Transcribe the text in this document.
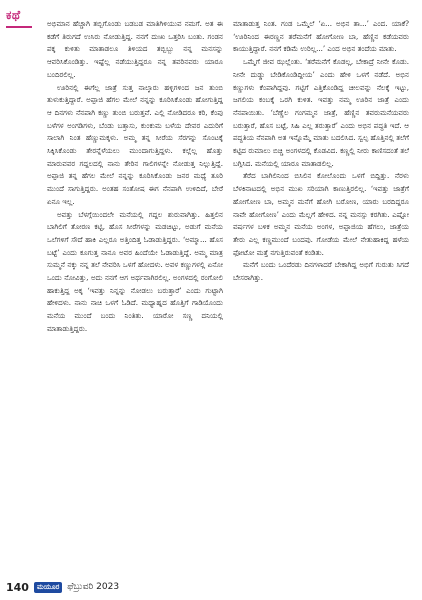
ಕಥೆ

ಅಭಿಮಾನ ಹೆಚ್ಚಾಗಿ ತಬ್ಬಿಗೊಂಡು ಬಡಬಡ ಮಾತಿಗಿಳಿಯುವ ನಮಗೆ. ಅತ ಈ ಕಡೆಗೆ ತಿರುಗದೆ ಉಸಿರು ನೋಡುತ್ತಿದ್ದ. ನನಗೆ ದುಃಖ ಒತ್ತರಿಸಿ ಬಂತು. ಗಂಡನ ಪಕ್ಕ ಕುಳಿತು ಮಾತಾಡಲೂ ತಿಳಿಯದ ತಬ್ಬಿಬ್ಬು ನನ್ನ ಮನಸನ್ನು ಆವರಿಸಿಕೊಂಡಿತ್ತು. ಇಷ್ಟೆಲ್ಲ ನಡೆಯುತ್ತಿದ್ದರೂ ನನ್ನ ತವರಿನವರು ಯಾರೂ ಬಂದಿರಲಿಲ್ಲ.

ಊರಿನಲ್ಲಿ ಈಗೆಲ್ಲ ಜಾತ್ರೆ ಸುತ್ತ ನಾಲ್ಕಾರು ಹಳ್ಳಿಗಳಿಂದ ಜನ ತುಂಬಿ ತುಳುಕುತ್ತಿದ್ದಾರೆ. ಅಪ್ಪಾಜಿ ಹೆಗಲ ಮೇಲೆ ನನ್ನನ್ನು ಕೂರಿಸಿಕೊಂಡು ಹೋಗುತ್ತಿದ್ದ ಆ ದಿನಗಳು ನೆನಪಾಗಿ ಕಣ್ಣು ತುಂಬಿ ಬರುತ್ತವೆ. ಎಲ್ಲಿ ನೋಡಿದರೂ ಕರಿ, ಕೆಂಪು ಬಳೆಗಳ ಅಂಗಡಿಗಳು, ಬೆಂಡು ಬತ್ತಾಸು, ಕುಂಕುಮ ಬಳೆಯ ದೇವರ ಎದುರಿಗೆ ಸಾಲಾಗಿ ನಿಂತ ಹೆಣ್ಣುಮಕ್ಕಳು. ಅಮ್ಮ ತನ್ನ ಸೀರೆಯ ಸೆರಗನ್ನು ಸೊಂಟಕ್ಕೆ ಸಿಕ್ಕಿಸಿಕೊಂಡು ತೇರನ್ನೆಳೆಯಲು ಮುಂದಾಗುತ್ತಿದ್ದಳು. ಕಲ್ಲೆಲ್ಲ ಹೊತ್ತು ಮಾರುವವರ ಗದ್ದಲದಲ್ಲಿ ನಾನು ತೇರಿನ ಗಾಲಿಗಳನ್ನೇ ನೋಡುತ್ತ ನಿಲ್ಲುತ್ತಿದ್ದೆ. ಅಪ್ಪಾಜಿ ತನ್ನ ಹೆಗಲ ಮೇಲೆ ನನ್ನನ್ನು ಕೂರಿಸಿಕೊಂಡು ಜನರ ಮಧ್ಯೆ ತೂರಿ ಮುಂದೆ ಸಾಗುತ್ತಿದ್ದರು. ಅಂತಹ ಸಂತೋಷ ಈಗ ನೆನಪಾಗಿ ಉಳಿದಿದೆ, ಬೇರೆ ಏನೂ ಇಲ್ಲ.

ಅವತ್ತು ಬೆಳಗ್ಗೆಯಿಂದಲೇ ಮನೆಯಲ್ಲಿ ಗದ್ದಲ ಶುರುವಾಗಿತ್ತು. ಹಿತ್ತಲಿನ ಬಾಗಿಲಿಗೆ ತೋರಣ ಕಟ್ಟಿ, ಹೊಸ ಸೀರೆಗಳನ್ನು ಮಡಚಿಟ್ಟು, ಅಡುಗೆ ಮನೆಯ ಒಲೆಗಳಿಗೆ ಸೌದೆ ಹಾಕಿ ಎಲ್ಲರೂ ಅತ್ತಿಂದಿತ್ತ ಓಡಾಡುತ್ತಿದ್ದರು. ‘ಅಮ್ಮಾ... ಹೊಸ ಬಟ್ಟೆ’ ಎಂದು ಕೂಗುತ್ತ ನಾನೂ ಅವರ ಹಿಂದೆಯೇ ಓಡಾಡುತ್ತಿದ್ದೆ. ಅಮ್ಮ ಮಾತ್ರ ಸುಮ್ಮನೆ ನಕ್ಕು ನನ್ನ ತಲೆ ನೇವರಿಸಿ ಒಳಗೆ ಹೋದಳು. ಅವಳ ಕಣ್ಣುಗಳಲ್ಲಿ ಏನೋ ಒಂದು ನೋವಿತ್ತು, ಅದು ನನಗೆ ಆಗ ಅರ್ಥವಾಗಿರಲಿಲ್ಲ. ಅಂಗಳದಲ್ಲಿ ರಂಗೋಲಿ ಹಾಕುತ್ತಿದ್ದ ಅಕ್ಕ ‘ಇವತ್ತು ನಿನ್ನನ್ನು ನೋಡಲು ಬರುತ್ತಾರೆ’ ಎಂದು ಗುಟ್ಟಾಗಿ ಹೇಳಿದಳು. ನಾನು ನಾಚಿ ಒಳಗೆ ಓಡಿದೆ. ಮಧ್ಯಾಹ್ನದ ಹೊತ್ತಿಗೆ ಗಾಡಿಯೊಂದು ಮನೆಯ ಮುಂದೆ ಬಂದು ನಿಂತಿತು. ಯಾರೋ ಸಣ್ಣ ದನಿಯಲ್ಲಿ ಮಾತಾಡುತ್ತಿದ್ದರು.

ಮಾತಾಡುತ್ತ ನಿಂತ. ಗಂಡ ಒಮ್ಮೆಲೆ ‘ಏ... ಅಭಿನ ತಾ...’ ಎಂದ. ಯಾಕೆ? ‘ಊರಿನಿಂದ ಈರಣ್ಣನ ತರೆಮನೆಗೆ ಹೋಗೋಣ ಬಾ, ಹೆಣ್ಣಿನ ಕಡೆಯವರು ಕಾಯುತ್ತಿದ್ದಾರೆ. ನನಗೆ ಕಡಿಮೆ ಉರಿಲ್ಲ...’ ಎಂದ ಅಭಿನ ತಂದೆಯ ಮಾತು.

ಒಮ್ಮೆಗೆ ಜೀವ ಝಲ್ಲೆಂತು. ‘ತರೆಮನೆಗೆ ಕೊಡಲ್ಲ, ಬೇಕಾದ್ರೆ ನೀನೇ ಕೊಡು. ನೀನೇ ದುಡ್ಡು ಬೇಡಿಕೊಂಡಿದ್ದೀಯ’ ಎಂದು ಹೇಳಿ ಒಳಗೆ ನಡೆದೆ. ಅಭಿನ ಕಣ್ಣುಗಳು ಕೆಂಪಾಗಿದ್ದವು. ಗಟ್ಟಿಗೆ ಎತ್ತಿಕೊಂಡಿದ್ದ ಚೀಲವನ್ನು ನೆಲಕ್ಕೆ ಇಟ್ಟು, ಜಗಲಿಯ ಕಂಬಕ್ಕೆ ಒರಗಿ ಕುಳಿತ. ಇವತ್ತು ನಮ್ಮ ಊರಿನ ಜಾತ್ರೆ ಎಂದು ನೆನಪಾಯಿತು. ‘ಬೆಣ್ಣೆಲ ಗಂಗಮ್ಮನ ಜಾತ್ರೆ, ಹೆಣ್ಣಿನ ತವರುಮನೆಯವರು ಬರುತ್ತಾರೆ, ಹೊಸ ಬಟ್ಟೆ, ಸಿಹಿ ಎಲ್ಲ ತರುತ್ತಾರೆ’ ಎಂದು ಅಭಿನ ಪದ್ಧತಿ ಇದೆ. ಆ ಪದ್ಧತಿಯ ನೆನಪಾಗಿ ಅತ ಇನ್ನೊಮ್ಮೆ ಮಾತು ಬದಲಿಸಿದ. ಸ್ವಲ್ಪ ಹೊತ್ತಿನಲ್ಲಿ ತಲೆಗೆ ಕಟ್ಟಿದ ರುಮಾಲು ಬಿಚ್ಚಿ ಅಂಗಳದಲ್ಲಿ ಕೊಡವಿದ. ಕಣ್ಣಲ್ಲಿ ನೀರು ಕಾಣಿಸದಂತೆ ತಲೆ ಬಗ್ಗಿಸಿದ. ಮನೆಯಲ್ಲಿ ಯಾರೂ ಮಾತಾಡಲಿಲ್ಲ.

ತೆರೆದ ಬಾಗಿಲಿನಿಂದ ಬಿಸಿಲಿನ ಕೋಲೊಂದು ಒಳಗೆ ಬಿದ್ದಿತ್ತು. ನೆರಳು ಬೆಳಕಿನಾಟದಲ್ಲಿ ಅಭಿನ ಮುಖ ಸರಿಯಾಗಿ ಕಾಣುತ್ತಿರಲಿಲ್ಲ. ‘ಇವತ್ತು ಜಾತ್ರೆಗೆ ಹೋಗೋಣ ಬಾ, ಅಮ್ಮನ ಮನೆಗೆ ಹೋಗಿ ಬರೋಣ, ಯಾರು ಬರದಿದ್ದರೂ ನಾವೇ ಹೋಗೋಣ’ ಎಂದು ಮೆಲ್ಲಗೆ ಹೇಳಿದ. ನನ್ನ ಮನಸ್ಸು ಕರಗಿತು. ಎಷ್ಟೋ ವರ್ಷಗಳ ಬಳಿಕ ಅಮ್ಮನ ಮನೆಯ ಅಂಗಳ, ಅಪ್ಪಾಜಿಯ ಹೆಗಲು, ಜಾತ್ರೆಯ ತೇರು ಎಲ್ಲ ಕಣ್ಣಮುಂದೆ ಬಂದವು. ಗೋಡೆಯ ಮೇಲೆ ನೇತುಹಾಕಿದ್ದ ಹಳೆಯ ಫೋಟೋ ಮತ್ತೆ ನಗುತ್ತಿರುವಂತೆ ಕಂಡಿತು.

ಮನೆಗೆ ಬಂದು ಒಂದೆರಡು ದಿನಗಳಾದರೆ ಬೇಕಾಗಿದ್ದ ಅಭಿಗೆ ಗುರುತು ಸಿಗದೆ ಬೇಸರಾಗಿತ್ತು.

140	ಮಯೂರ ಫೆಬ್ರುವರಿ 2023
